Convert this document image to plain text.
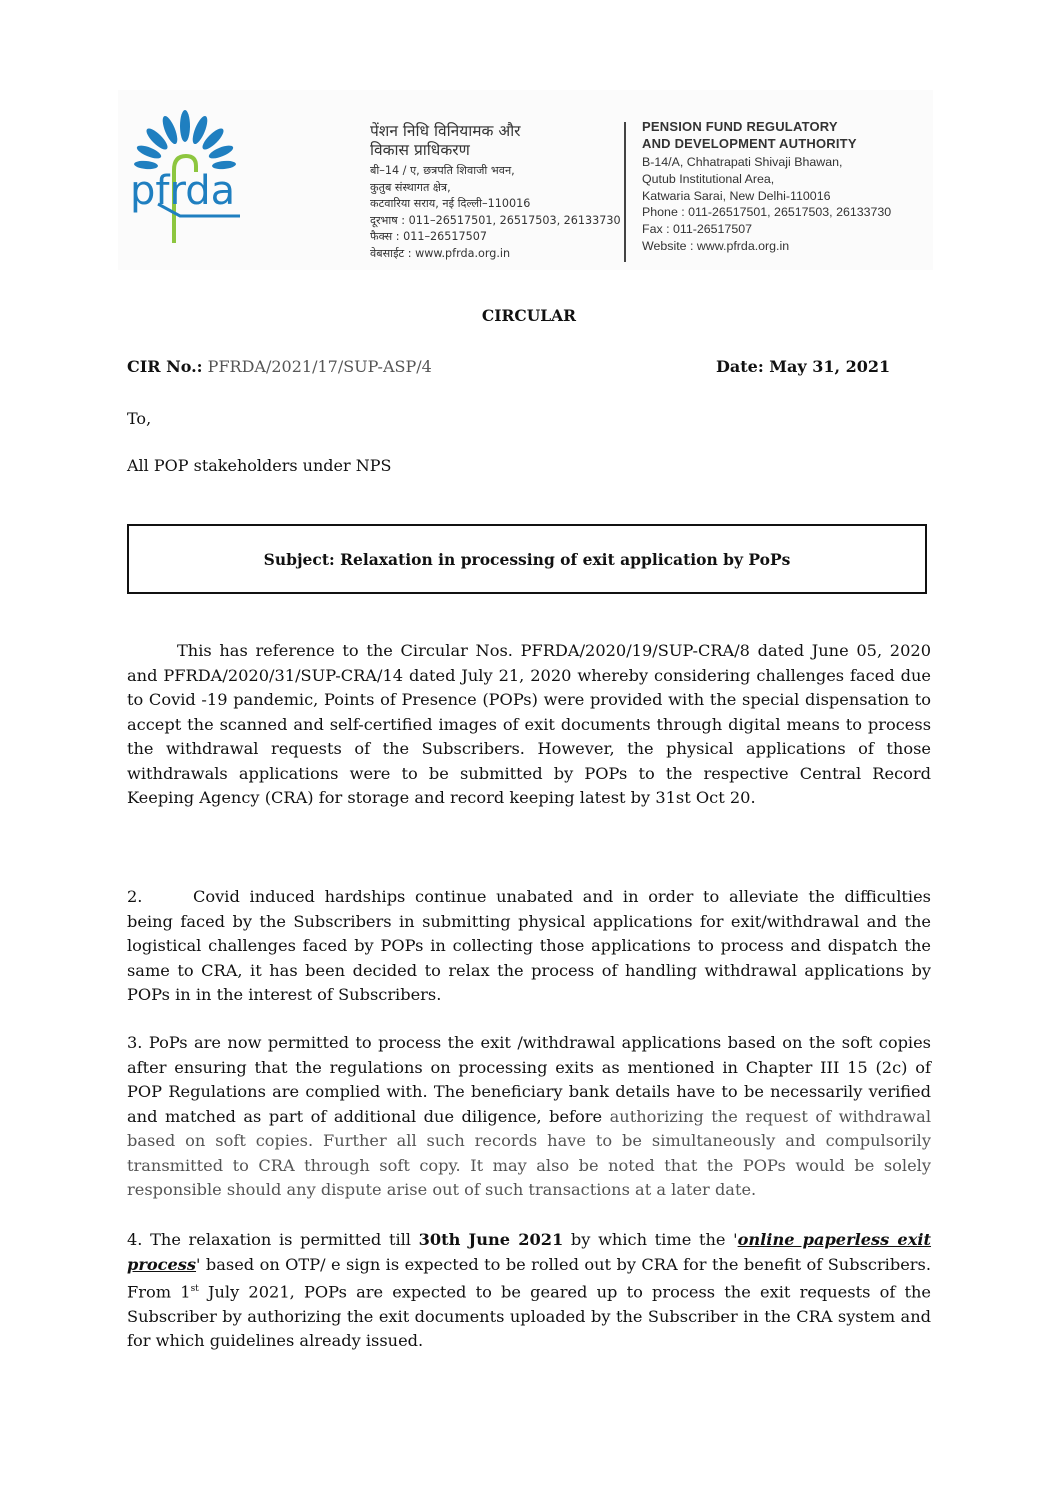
pfrda
पेंशन निधि विनियामक और
विकास प्राधिकरण
बी–14 / ए, छत्रपति शिवाजी भवन,
कुतुब संस्थागत क्षेत्र,
कटवारिया सराय, नई दिल्ली–110016
दूरभाष : 011–26517501, 26517503, 26133730
फैक्स : 011–26517507
वेबसाईट : www.pfrda.org.in
PENSION FUND REGULATORY
AND DEVELOPMENT AUTHORITY
B-14/A, Chhatrapati Shivaji Bhawan,
Qutub Institutional Area,
Katwaria Sarai, New Delhi-110016
Phone : 011-26517501, 26517503, 26133730
Fax : 011-26517507
Website : www.pfrda.org.in
CIRCULAR
CIR No.: PFRDA/2021/17/SUP-ASP/4	Date: May 31, 2021
To,
All POP stakeholders under NPS
Subject: Relaxation in processing of exit application by PoPs
This has reference to the Circular Nos. PFRDA/2020/19/SUP-CRA/8 dated June 05, 2020 and PFRDA/2020/31/SUP-CRA/14 dated July 21, 2020 whereby considering challenges faced due to Covid -19 pandemic, Points of Presence (POPs) were provided with the special dispensation to accept the scanned and self-certified images of exit documents through digital means to process the withdrawal requests of the Subscribers. However, the physical applications of those withdrawals applications were to be submitted by POPs to the respective Central Record Keeping Agency (CRA) for storage and record keeping latest by 31st Oct 20.
2.	Covid induced hardships continue unabated and in order to alleviate the difficulties being faced by the Subscribers in submitting physical applications for exit/withdrawal and the logistical challenges faced by POPs in collecting those applications to process and dispatch the same to CRA, it has been decided to relax the process of handling withdrawal applications by POPs in in the interest of Subscribers.
3. PoPs are now permitted to process the exit /withdrawal applications based on the soft copies after ensuring that the regulations on processing exits as mentioned in Chapter III 15 (2c) of POP Regulations are complied with. The beneficiary bank details have to be necessarily verified and matched as part of additional due diligence, before authorizing the request of withdrawal based on soft copies. Further all such records have to be simultaneously and compulsorily transmitted to CRA through soft copy. It may also be noted that the POPs would be solely responsible should any dispute arise out of such transactions at a later date.
4. The relaxation is permitted till 30th June 2021 by which time the 'online paperless exit process' based on OTP/ e sign is expected to be rolled out by CRA for the benefit of Subscribers. From 1st July 2021, POPs are expected to be geared up to process the exit requests of the Subscriber by authorizing the exit documents uploaded by the Subscriber in the CRA system and for which guidelines already issued.
